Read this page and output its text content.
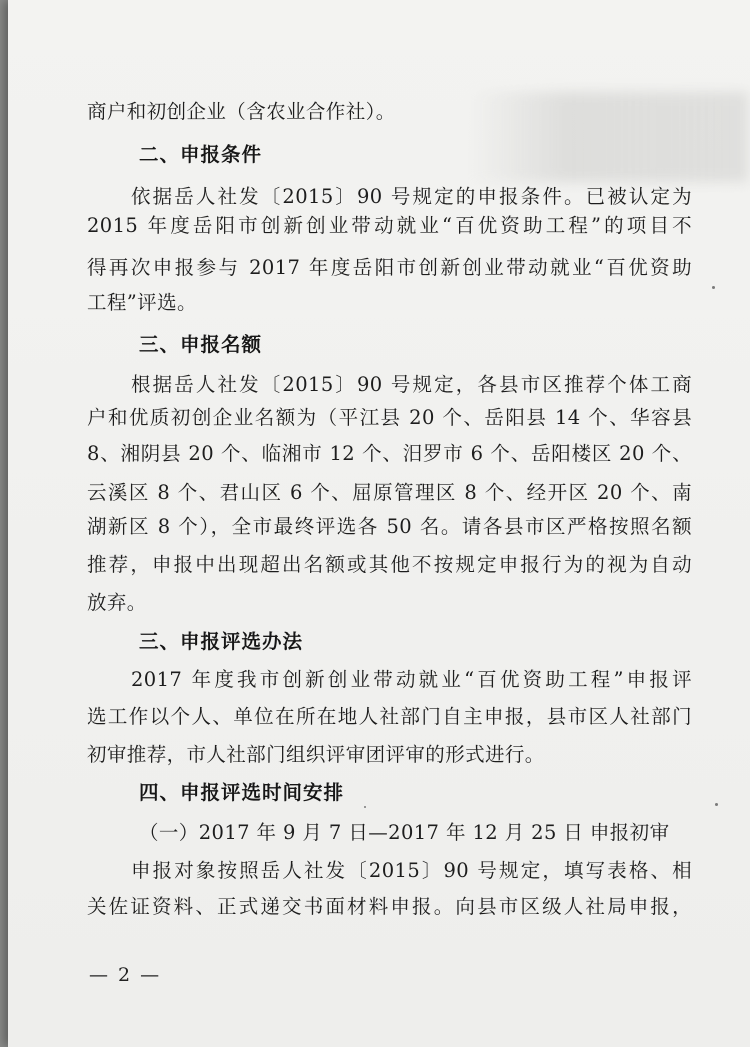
商户和初创企业（含农业合作社）。
二、申报条件
依据岳人社发〔2015〕90 号规定的申报条件。已被认定为
2015 年度岳阳市创新创业带动就业“百优资助工程”的项目不
得再次申报参与 2017 年度岳阳市创新创业带动就业“百优资助
工程”评选。
三、申报名额
根据岳人社发〔2015〕90 号规定，各县市区推荐个体工商
户和优质初创企业名额为（平江县 20 个、岳阳县 14 个、华容县
8、湘阴县 20 个、临湘市 12 个、汨罗市 6 个、岳阳楼区 20 个、
云溪区 8 个、君山区 6 个、屈原管理区 8 个、经开区 20 个、南
湖新区 8 个），全市最终评选各 50 名。请各县市区严格按照名额
推荐，申报中出现超出名额或其他不按规定申报行为的视为自动
放弃。
三、申报评选办法
2017 年度我市创新创业带动就业“百优资助工程”申报评
选工作以个人、单位在所在地人社部门自主申报，县市区人社部门
初审推荐，市人社部门组织评审团评审的形式进行。
四、申报评选时间安排
（一）2017 年 9 月 7 日—2017 年 12 月 25 日 申报初审
申报对象按照岳人社发〔2015〕90 号规定，填写表格、相
关佐证资料、正式递交书面材料申报。向县市区级人社局申报，
— 2 —
